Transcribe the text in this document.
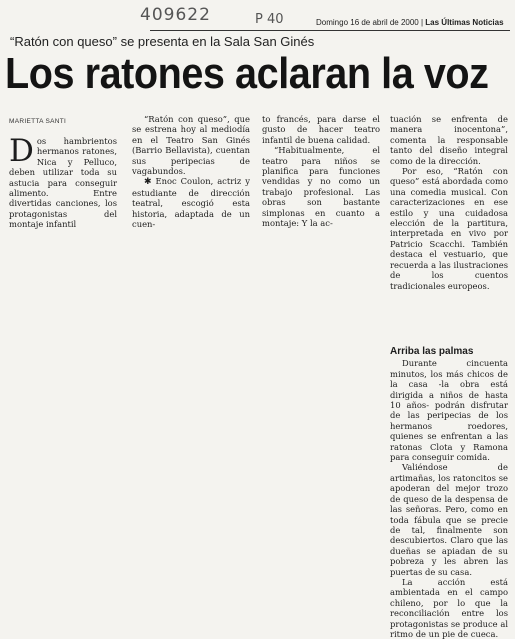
409622	P 40	Domingo 16 de abril de 2000 | Las Últimas Noticias
“Ratón con queso” se presenta en la Sala San Ginés
Los ratones aclaran la voz
MARIETTA SANTI

Dos hambrientos hermanos ratones, Nica y Pelluco, deben utilizar toda su astucia para conseguir alimento. Entre divertidas canciones, los protagonistas del montaje infantil

“Ratón con queso”, que se estrena hoy al mediodía en el Teatro San Ginés (Barrio Bellavista), cuentan sus peripecias de vagabundos.

✱ Enoc Coulon, actriz y estudiante de dirección teatral, escogió esta historia, adaptada de un cuen-

to francés, para darse el gusto de hacer teatro infantil de buena calidad.

“Habitualmente, el teatro para niños se planifica para funciones vendidas y no como un trabajo profesional. Las obras son bastante simplonas en cuanto a montaje: Y la ac-

tuación se enfrenta de manera inocentona”, comenta la responsable tanto del diseño integral como de la dirección.

Por eso, “Ratón con queso” está abordada como una comedia musical. Con caracterizaciones en ese estilo y una cuidadosa elección de la partitura, interpretada en vivo por Patricio Scacchi. También destaca el vestuario, que recuerda a las ilustraciones de los cuentos tradicionales europeos.

Arriba las palmas

Durante cincuenta minutos, los más chicos de la casa -la obra está dirigida a niños de hasta 10 años- podrán disfrutar de las peripecias de los hermanos roedores, quienes se enfrentan a las ratonas Clota y Ramona para conseguir comida.

Valiéndose de artimañas, los ratoncitos se apoderan del mejor trozo de queso de la despensa de las señoras. Pero, como en toda fábula que se precie de tal, finalmente son descubiertos. Claro que las dueñas se apiadan de su pobreza y les abren las puertas de su casa.

La acción está ambientada en el campo chileno, por lo que la reconciliación entre los protagonistas se produce al ritmo de un pie de cueca.
